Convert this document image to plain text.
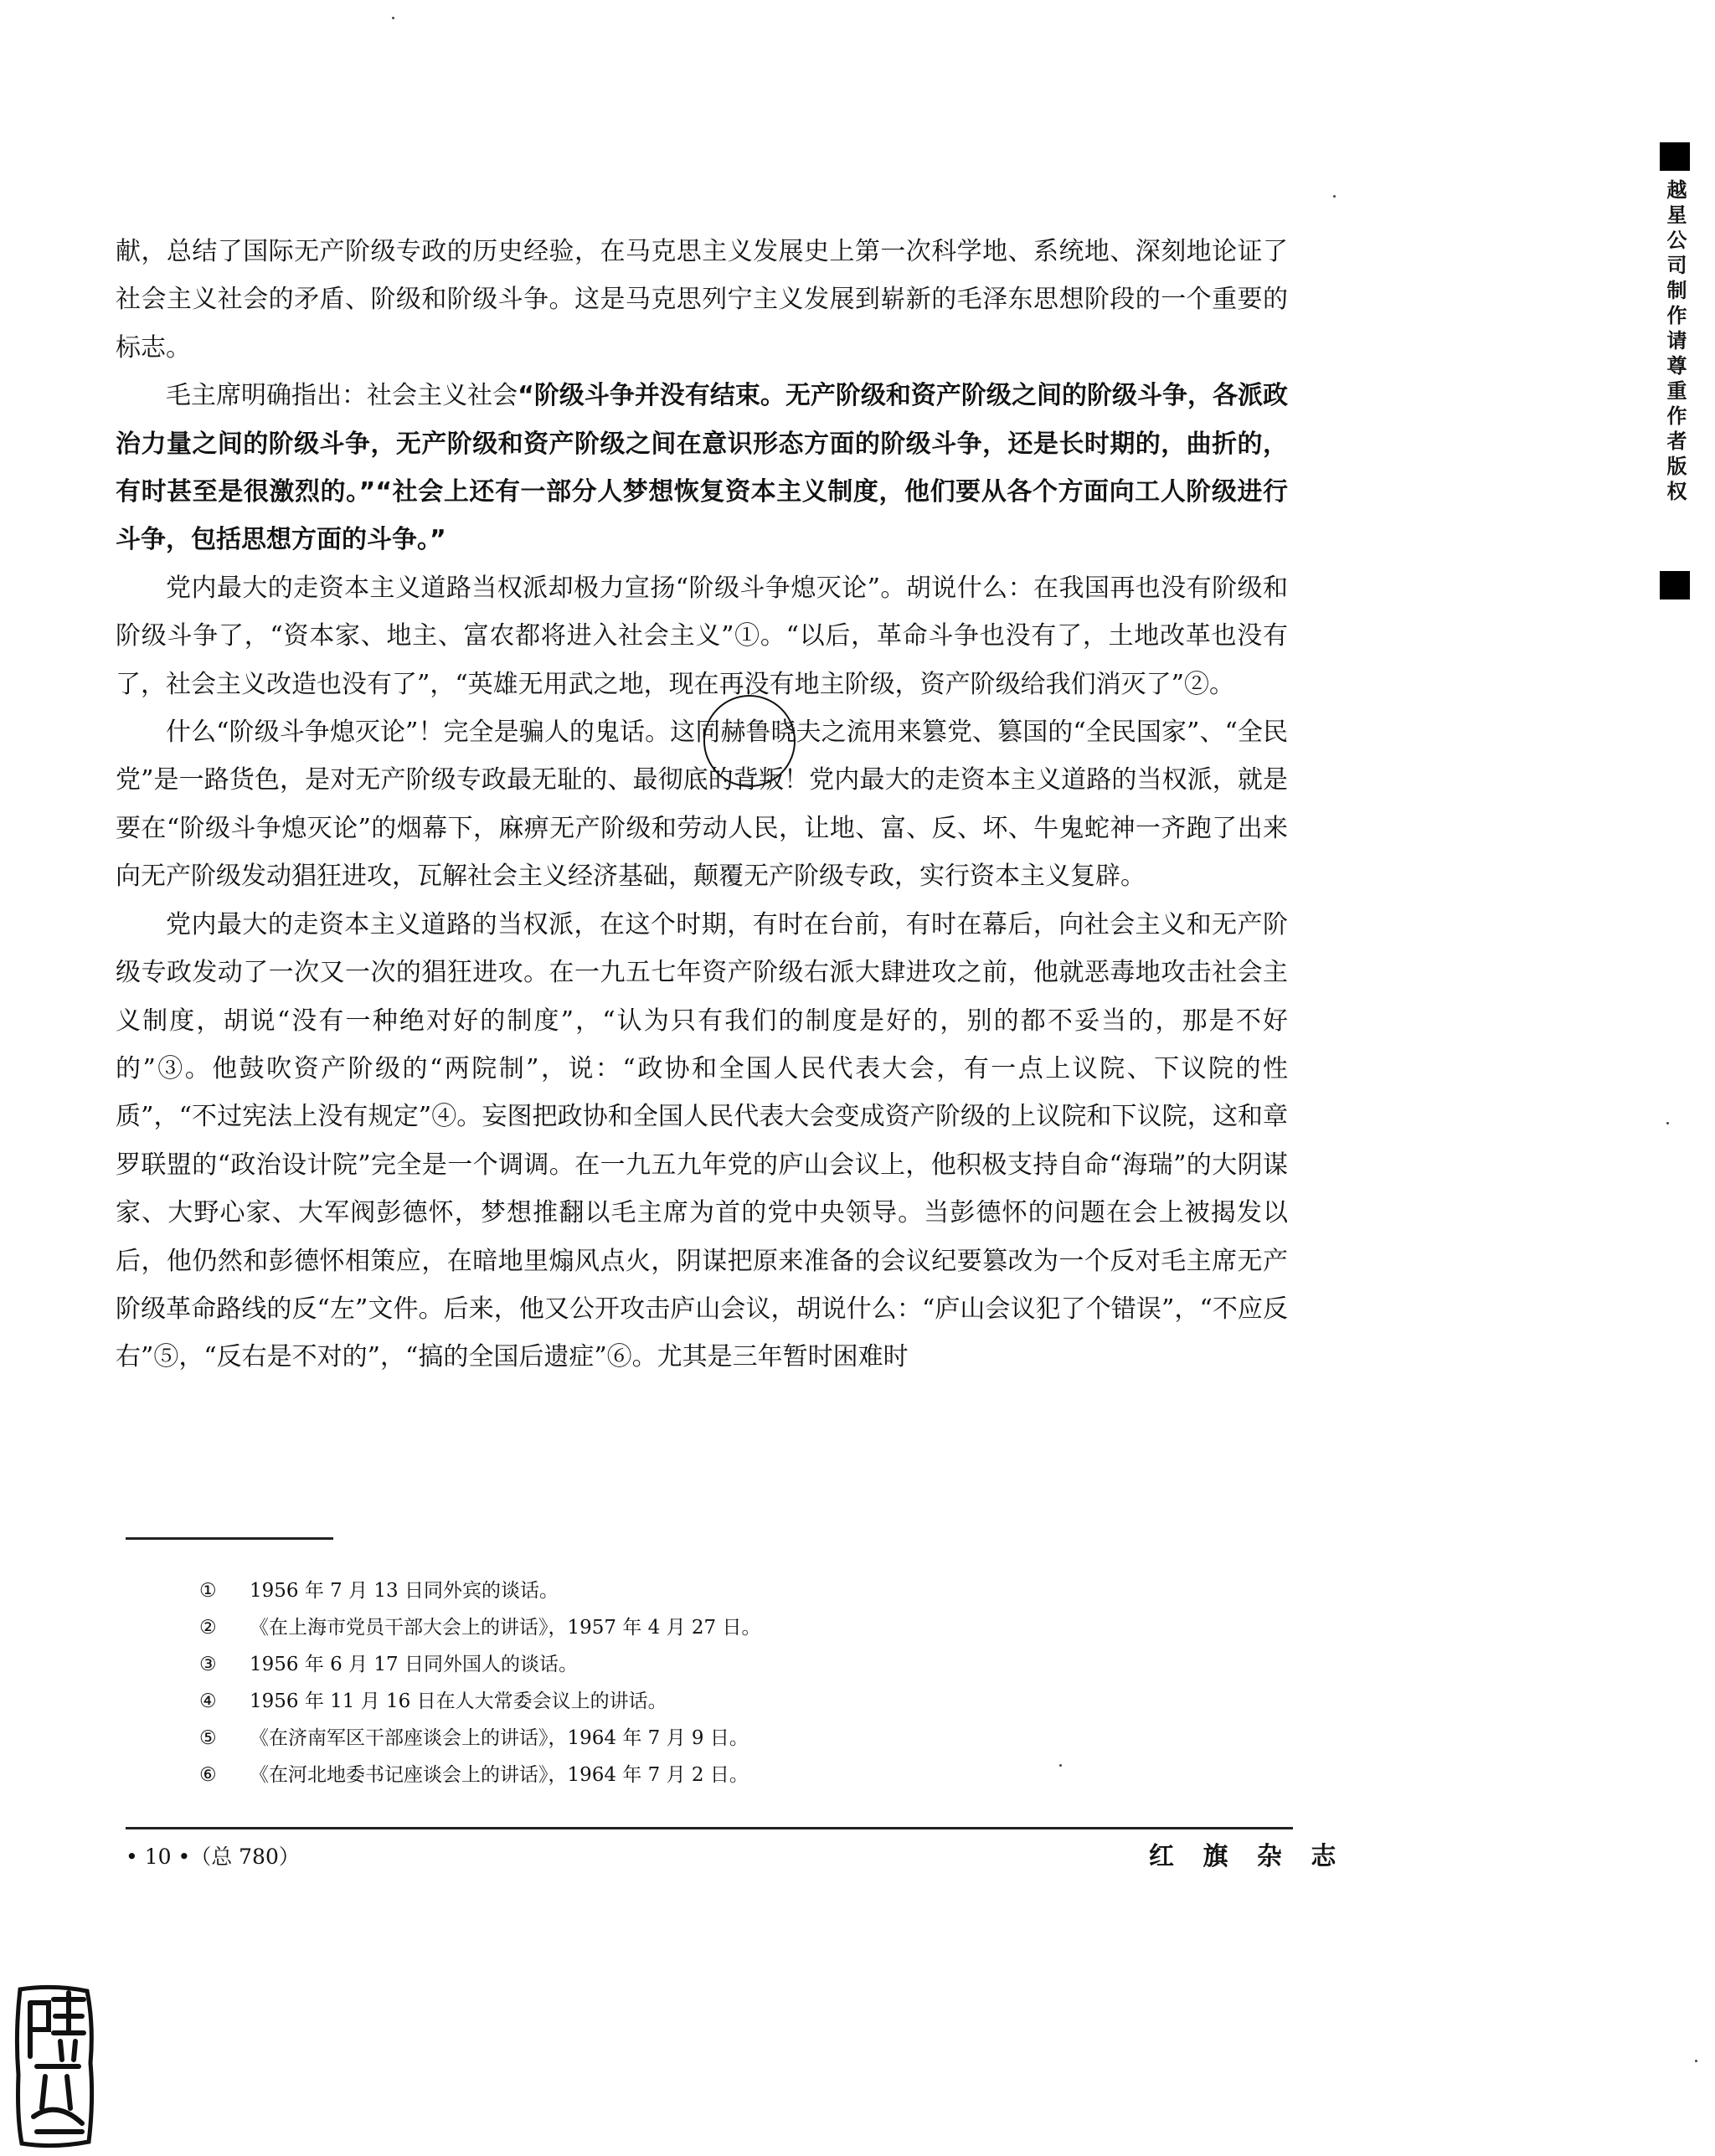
越星公司制作请尊重作者版权

献，总结了国际无产阶级专政的历史经验，在马克思主义发展史上第一次科学地、系统地、深刻地论证了社会主义社会的矛盾、阶级和阶级斗争。这是马克思列宁主义发展到崭新的毛泽东思想阶段的一个重要的标志。

毛主席明确指出：社会主义社会“阶级斗争并没有结束。无产阶级和资产阶级之间的阶级斗争，各派政治力量之间的阶级斗争，无产阶级和资产阶级之间在意识形态方面的阶级斗争，还是长时期的，曲折的，有时甚至是很激烈的。”“社会上还有一部分人梦想恢复资本主义制度，他们要从各个方面向工人阶级进行斗争，包括思想方面的斗争。”

党内最大的走资本主义道路当权派却极力宣扬“阶级斗争熄灭论”。胡说什么：在我国再也没有阶级和阶级斗争了，“资本家、地主、富农都将进入社会主义”①。“以后，革命斗争也没有了，土地改革也没有了，社会主义改造也没有了”，“英雄无用武之地，现在再没有地主阶级，资产阶级给我们消灭了”②。

什么“阶级斗争熄灭论”！完全是骗人的鬼话。这同赫鲁晓夫之流用来篡党、篡国的“全民国家”、“全民党”是一路货色，是对无产阶级专政最无耻的、最彻底的背叛！党内最大的走资本主义道路的当权派，就是要在“阶级斗争熄灭论”的烟幕下，麻痹无产阶级和劳动人民，让地、富、反、坏、牛鬼蛇神一齐跑了出来向无产阶级发动猖狂进攻，瓦解社会主义经济基础，颠覆无产阶级专政，实行资本主义复辟。

党内最大的走资本主义道路的当权派，在这个时期，有时在台前，有时在幕后，向社会主义和无产阶级专政发动了一次又一次的猖狂进攻。在一九五七年资产阶级右派大肆进攻之前，他就恶毒地攻击社会主义制度，胡说“没有一种绝对好的制度”，“认为只有我们的制度是好的，别的都不妥当的，那是不好的”③。他鼓吹资产阶级的“两院制”，说：“政协和全国人民代表大会，有一点上议院、下议院的性质”，“不过宪法上没有规定”④。妄图把政协和全国人民代表大会变成资产阶级的上议院和下议院，这和章罗联盟的“政治设计院”完全是一个调调。在一九五九年党的庐山会议上，他积极支持自命“海瑞”的大阴谋家、大野心家、大军阀彭德怀，梦想推翻以毛主席为首的党中央领导。当彭德怀的问题在会上被揭发以后，他仍然和彭德怀相策应，在暗地里煽风点火，阴谋把原来准备的会议纪要篡改为一个反对毛主席无产阶级革命路线的反“左”文件。后来，他又公开攻击庐山会议，胡说什么：“庐山会议犯了个错误”，“不应反右”⑤，“反右是不对的”，“搞的全国后遗症”⑥。尤其是三年暂时困难时

①	1956 年 7 月 13 日同外宾的谈话。
②	《在上海市党员干部大会上的讲话》，1957 年 4 月 27 日。
③	1956 年 6 月 17 日同外国人的谈话。
④	1956 年 11 月 16 日在人大常委会议上的讲话。
⑤	《在济南军区干部座谈会上的讲话》，1964 年 7 月 9 日。
⑥	《在河北地委书记座谈会上的讲话》，1964 年 7 月 2 日。
• 10 •（总 780）	红 旗 杂 志
